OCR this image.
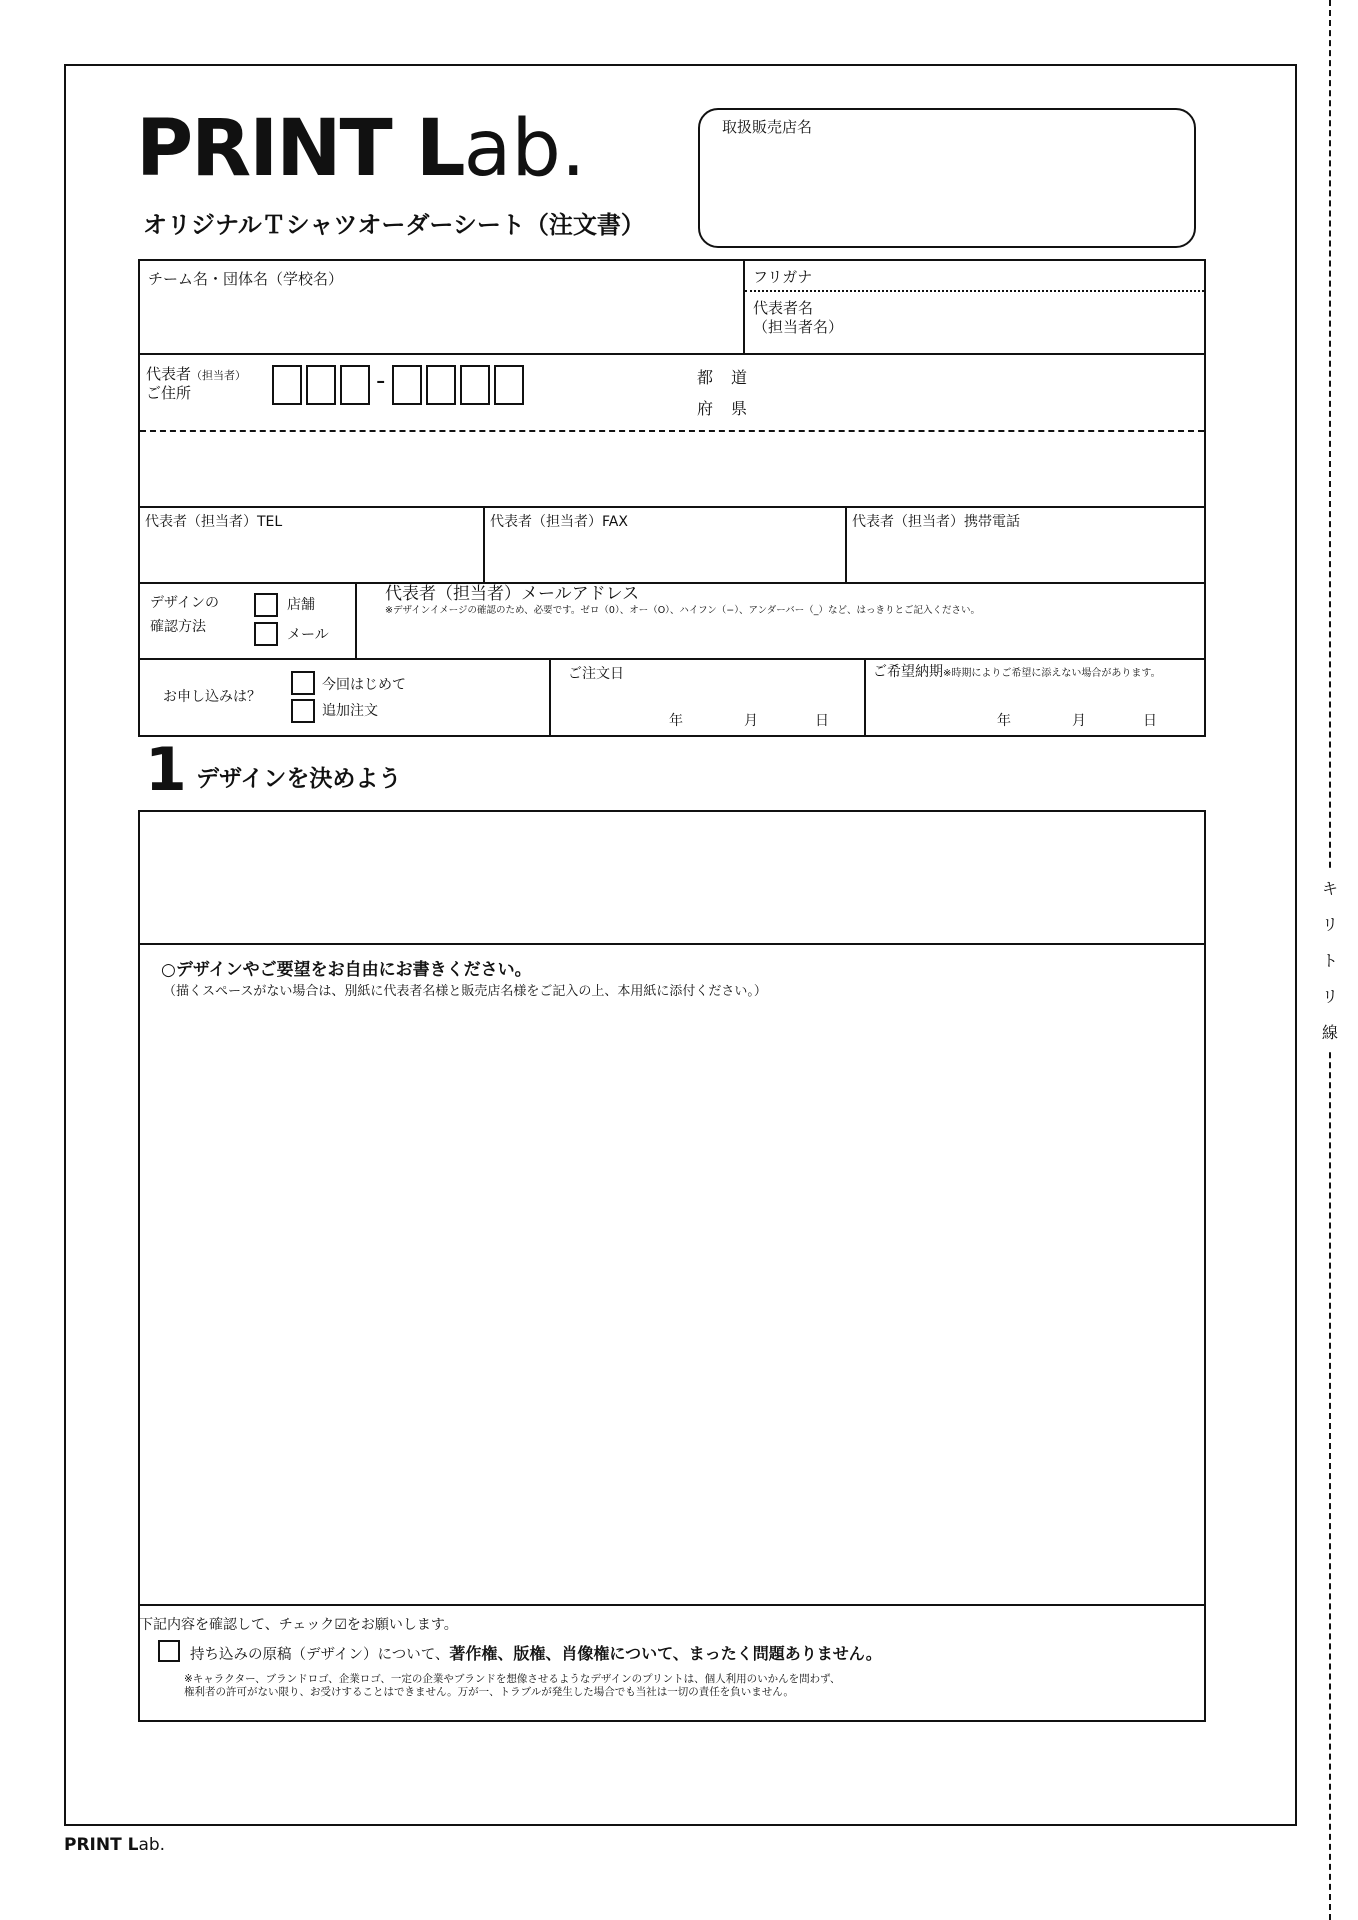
キ
リ
ト
リ
線
PRINT Lab.
オリジナルＴシャツオーダーシート（注文書）
取扱販売店名
チーム名・団体名（学校名）	フリガナ
代表者名
（担当者名）
代表者（担当者）
ご住所	-	都 道
府 県
代表者（担当者）TEL	代表者（担当者）FAX	代表者（担当者）携帯電話
デザインの
確認方法
店舗
メール
代表者（担当者）メールアドレス
※デザインイメージの確認のため、必要です。ゼロ（0）、オー（O）、ハイフン（−）、アンダーバー（_）など、はっきりとご記入ください。
お申し込みは？
今回はじめて
追加注文
ご注文日
年	月	日
ご希望納期※時期によりご希望に添えない場合があります。
年	月	日
1 デザインを決めよう
○デザインやご要望をお自由にお書きください。
（描くスペースがない場合は、別紙に代表者名様と販売店名様をご記入の上、本用紙に添付ください。）
下記内容を確認して、チェック☑をお願いします。
持ち込みの原稿（デザイン）について、著作権、版権、肖像権について、まったく問題ありません。
※キャラクター、ブランドロゴ、企業ロゴ、一定の企業やブランドを想像させるようなデザインのプリントは、個人利用のいかんを問わず、
権利者の許可がない限り、お受けすることはできません。万が一、トラブルが発生した場合でも当社は一切の責任を負いません。
PRINT Lab.
